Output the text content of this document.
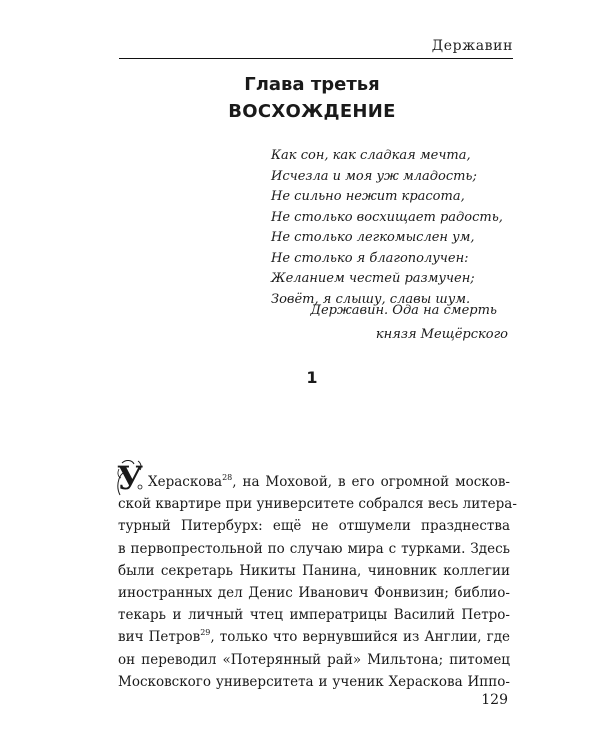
Державин
Глава третья
ВОСХОЖДЕНИЕ
Как сон, как сладкая мечта,
Исчезла и моя уж младость;
Не сильно нежит красота,
Не столько восхищает радость,
Не столько легкомыслен ум,
Не столько я благополучен:
Желанием честей размучен;
Зовёт, я слышу, славы шум.
Державин. Ода на смерть
князя Мещёрского
1
У Хераскова$^{28}$, на Моховой, в его огромной москов-
ской квартире при университете собрался весь литера-
турный Питербурх: ещё не отшумели празднества
в первопрестольной по случаю мира с турками. Здесь
были секретарь Никиты Панина, чиновник коллегии
иностранных дел Денис Иванович Фонвизин; библио-
текарь и личный чтец императрицы Василий Петро-
вич Петров$^{29}$, только что вернувшийся из Англии, где
он переводил «Потерянный рай» Мильтона; питомец
Московского университета и ученик Хераскова Иппо-
129
